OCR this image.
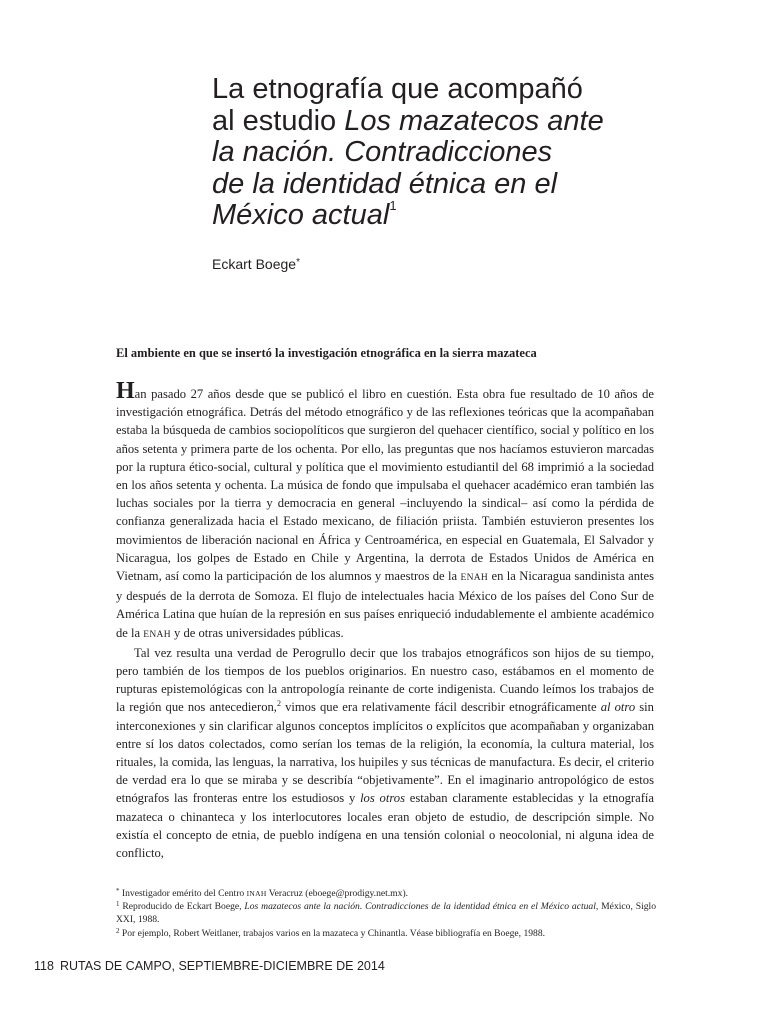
La etnografía que acompañó
al estudio Los mazatecos ante
la nación. Contradicciones
de la identidad étnica en el
México actual$^1$
Eckart Boege*
El ambiente en que se insertó la investigación etnográfica en la sierra mazateca

Han pasado 27 años desde que se publicó el libro en cuestión. Esta obra fue resultado de 10 años de investigación etnográfica. Detrás del método etnográfico y de las reflexiones teóricas que la acompañaban estaba la búsqueda de cambios sociopolíticos que surgieron del quehacer científico, social y político en los años setenta y primera parte de los ochenta. Por ello, las preguntas que nos hacíamos estuvieron marcadas por la ruptura ético-social, cultural y política que el movimiento estudiantil del 68 imprimió a la sociedad en los años setenta y ochenta. La música de fondo que impulsaba el quehacer académico eran también las luchas sociales por la tierra y democracia en general –incluyendo la sindical– así como la pérdida de confianza generalizada hacia el Estado mexicano, de filiación priista. También estuvieron presentes los movimientos de liberación nacional en África y Centroamérica, en especial en Guatemala, El Salvador y Nicaragua, los golpes de Estado en Chile y Argentina, la derrota de Estados Unidos de América en Vietnam, así como la participación de los alumnos y maestros de la ENAH en la Nicaragua sandinista antes y después de la derrota de Somoza. El flujo de intelectuales hacia México de los países del Cono Sur de América Latina que huían de la represión en sus países enriqueció indudablemente el ambiente académico de la ENAH y de otras universidades públicas.

Tal vez resulta una verdad de Perogrullo decir que los trabajos etnográficos son hijos de su tiempo, pero también de los tiempos de los pueblos originarios. En nuestro caso, estábamos en el momento de rupturas epistemológicas con la antropología reinante de corte indigenista. Cuando leímos los trabajos de la región que nos antecedieron,$^2$ vimos que era relativamente fácil describir etnográficamente al otro sin interconexiones y sin clarificar algunos conceptos implícitos o explícitos que acompañaban y organizaban entre sí los datos colectados, como serían los temas de la religión, la economía, la cultura material, los rituales, la comida, las lenguas, la narrativa, los huipiles y sus técnicas de manufactura. Es decir, el criterio de verdad era lo que se miraba y se describía “objetivamente”. En el imaginario antropológico de estos etnógrafos las fronteras entre los estudiosos y los otros estaban claramente establecidas y la etnografía mazateca o chinanteca y los interlocutores locales eran objeto de estudio, de descripción simple. No existía el concepto de etnia, de pueblo indígena en una tensión colonial o neocolonial, ni alguna idea de conflicto,

* Investigador emérito del Centro INAH Veracruz (eboege@prodigy.net.mx).

$^1$ Reproducido de Eckart Boege, Los mazatecos ante la nación. Contradicciones de la identidad étnica en el México actual, México, Siglo XXI, 1988.

$^2$ Por ejemplo, Robert Weitlaner, trabajos varios en la mazateca y Chinantla. Véase bibliografía en Boege, 1988.

118 RUTAS DE CAMPO, SEPTIEMBRE-DICIEMBRE DE 2014
